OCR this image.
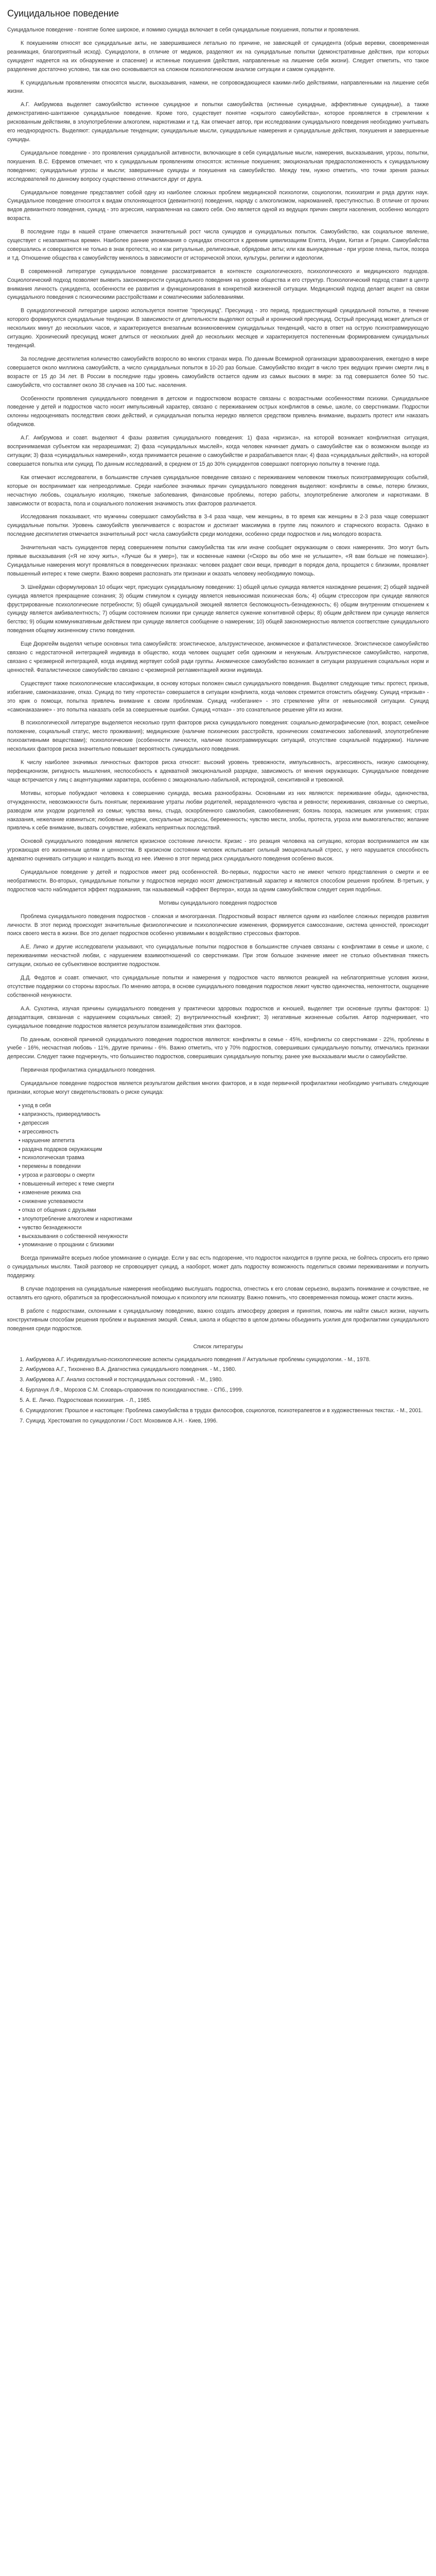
Суицидальное поведение

Суицидальное поведение - понятие более широкое, и помимо суицида включает в себя суицидальные покушения, попытки и проявления.

К покушениям относят все суицидальные акты, не завершившиеся летально по причине, не зависящей от суицидента (обрыв веревки, своевременная реанимация, благоприятный исход). Суицидологи, в отличие от медиков, разделяют их на суицидальные попытки (демонстративные действия, при которых суицидент надеется на их обнаружение и спасение) и истинные покушения (действия, направленные на лишение себя жизни). Следует отметить, что такое разделение достаточно условно, так как оно основывается на сложном психологическом анализе ситуации и самом суициденте.

К суицидальным проявлениям относятся мысли, высказывания, намеки, не сопровождающиеся какими-либо действиями, направленными на лишение себя жизни.

А.Г. Амбрумова выделяет самоубийство истинное суицидное и попытки самоубийства (истинные суицидные, аффективные суицидные), а также демонстративно-шантажное суицидальное поведение. Кроме того, существует понятие «скрытого самоубийства», которое проявляется в стремлении к рискованным действиям, в злоупотреблении алкоголем, наркотиками и т.д. Как отмечает автор, при исследовании суицидального поведения необходимо учитывать его неоднородность. Выделяют: суицидальные тенденции; суицидальные мысли, суицидальные намерения и суицидальные действия, покушения и завершенные суициды.

Суицидальное поведение - это проявления суицидальной активности, включающие в себя суицидальные мысли, намерения, высказывания, угрозы, попытки, покушения. В.С. Ефремов отмечает, что к суицидальным проявлениям относятся: истинные покушения; эмоциональная предрасположенность к суицидальному поведению; суицидальные угрозы и мысли; завершенные суициды и покушения на самоубийство. Между тем, нужно отметить, что точки зрения разных исследователей по данному вопросу существенно отличаются друг от друга.

Суицидальное поведение представляет собой одну из наиболее сложных проблем медицинской психологии, социологии, психиатрии и ряда других наук. Суицидальное поведение относится к видам отклоняющегося (девиантного) поведения, наряду с алкоголизмом, наркоманией, преступностью. В отличие от прочих видов девиантного поведения, суицид - это агрессия, направленная на самого себя. Оно является одной из ведущих причин смерти населения, особенно молодого возраста.

В последние годы в нашей стране отмечается значительный рост числа суицидов и суицидальных попыток. Самоубийство, как социальное явление, существует с незапамятных времен. Наиболее ранние упоминания о суицидах относятся к древним цивилизациям Египта, Индии, Китая и Греции. Самоубийства совершались и совершаются не только в знак протеста, но и как ритуальные, религиозные, обрядовые акты; или как вынужденные - при угрозе плена, пыток, позора и т.д. Отношение общества к самоубийству менялось в зависимости от исторической эпохи, культуры, религии и идеологии.

В современной литературе суицидальное поведение рассматривается в контексте социологического, психологического и медицинского подходов. Социологический подход позволяет выявить закономерности суицидального поведения на уровне общества и его структур. Психологический подход ставит в центр внимания личность суицидента, особенности ее развития и функционирования в конкретной жизненной ситуации. Медицинский подход делает акцент на связи суицидального поведения с психическими расстройствами и соматическими заболеваниями.

В суицидологической литературе широко используется понятие "пресуицид". Пресуицид - это период, предшествующий суицидальной попытке, в течение которого формируются суицидальные тенденции. В зависимости от длительности выделяют острый и хронический пресуицид. Острый пресуицид может длиться от нескольких минут до нескольких часов, и характеризуется внезапным возникновением суицидальных тенденций, часто в ответ на острую психотравмирующую ситуацию. Хронический пресуицид может длиться от нескольких дней до нескольких месяцев и характеризуется постепенным формированием суицидальных тенденций.

За последние десятилетия количество самоубийств возросло во многих странах мира. По данным Всемирной организации здравоохранения, ежегодно в мире совершается около миллиона самоубийств, а число суицидальных попыток в 10-20 раз больше. Самоубийство входит в число трех ведущих причин смерти лиц в возрасте от 15 до 34 лет. В России в последние годы уровень самоубийств остается одним из самых высоких в мире: за год совершается более 50 тыс. самоубийств, что составляет около 38 случаев на 100 тыс. населения.

Особенности проявления суицидального поведения в детском и подростковом возрасте связаны с возрастными особенностями психики. Суицидальное поведение у детей и подростков часто носит импульсивный характер, связано с переживанием острых конфликтов в семье, школе, со сверстниками. Подростки склонны недооценивать последствия своих действий, и суицидальная попытка нередко является средством привлечь внимание, выразить протест или наказать обидчиков.

А.Г. Амбрумова и соавт. выделяют 4 фазы развития суицидального поведения: 1) фаза «кризиса», на которой возникает конфликтная ситуация, воспринимаемая субъектом как неразрешимая; 2) фаза «суицидальных мыслей», когда человек начинает думать о самоубийстве как о возможном выходе из ситуации; 3) фаза «суицидальных намерений», когда принимается решение о самоубийстве и разрабатывается план; 4) фаза «суицидальных действий», на которой совершается попытка или суицид. По данным исследований, в среднем от 15 до 30% суицидентов совершают повторную попытку в течение года.

Как отмечают исследователи, в большинстве случаев суицидальное поведение связано с переживанием человеком тяжелых психотравмирующих событий, которые он воспринимает как непреодолимые. Среди наиболее значимых причин суицидального поведения выделяют: конфликты в семье, потерю близких, несчастную любовь, социальную изоляцию, тяжелые заболевания, финансовые проблемы, потерю работы, злоупотребление алкоголем и наркотиками. В зависимости от возраста, пола и социального положения значимость этих факторов различается.

Исследования показывают, что мужчины совершают самоубийства в 3-4 раза чаще, чем женщины, в то время как женщины в 2-3 раза чаще совершают суицидальные попытки. Уровень самоубийств увеличивается с возрастом и достигает максимума в группе лиц пожилого и старческого возраста. Однако в последние десятилетия отмечается значительный рост числа самоубийств среди молодежи, особенно среди подростков и лиц молодого возраста.

Значительная часть суицидентов перед совершением попытки самоубийства так или иначе сообщает окружающим о своих намерениях. Это могут быть прямые высказывания («Я не хочу жить», «Лучше бы я умер»), так и косвенные намеки («Скоро вы обо мне не услышите», «Я вам больше не помешаю»). Суицидальные намерения могут проявляться в поведенческих признаках: человек раздает свои вещи, приводит в порядок дела, прощается с близкими, проявляет повышенный интерес к теме смерти. Важно вовремя распознать эти признаки и оказать человеку необходимую помощь.

Э. Шнейдман сформулировал 10 общих черт, присущих суицидальному поведению: 1) общей целью суицида является нахождение решения; 2) общей задачей суицида является прекращение сознания; 3) общим стимулом к суициду является невыносимая психическая боль; 4) общим стрессором при суициде являются фрустрированные психологические потребности; 5) общей суицидальной эмоцией является беспомощность-безнадежность; 6) общим внутренним отношением к суициду является амбивалентность; 7) общим состоянием психики при суициде является сужение когнитивной сферы; 8) общим действием при суициде является бегство; 9) общим коммуникативным действием при суициде является сообщение о намерении; 10) общей закономерностью является соответствие суицидального поведения общему жизненному стилю поведения.

Еще Дюркгейм выделял четыре основных типа самоубийств: эгоистическое, альтруистическое, аномическое и фаталистическое. Эгоистическое самоубийство связано с недостаточной интеграцией индивида в общество, когда человек ощущает себя одиноким и ненужным. Альтруистическое самоубийство, напротив, связано с чрезмерной интеграцией, когда индивид жертвует собой ради группы. Аномическое самоубийство возникает в ситуации разрушения социальных норм и ценностей. Фаталистическое самоубийство связано с чрезмерной регламентацией жизни индивида.

Существуют также психологические классификации, в основу которых положен смысл суицидального поведения. Выделяют следующие типы: протест, призыв, избегание, самонаказание, отказ. Суицид по типу «протеста» совершается в ситуации конфликта, когда человек стремится отомстить обидчику. Суицид «призыв» - это крик о помощи, попытка привлечь внимание к своим проблемам. Суицид «избегание» - это стремление уйти от невыносимой ситуации. Суицид «самонаказание» - это попытка наказать себя за совершенные ошибки. Суицид «отказ» - это сознательное решение уйти из жизни.

В психологической литературе выделяется несколько групп факторов риска суицидального поведения: социально-демографические (пол, возраст, семейное положение, социальный статус, место проживания); медицинские (наличие психических расстройств, хронических соматических заболеваний, злоупотребление психоактивными веществами); психологические (особенности личности, наличие психотравмирующих ситуаций, отсутствие социальной поддержки). Наличие нескольких факторов риска значительно повышает вероятность суицидального поведения.

К числу наиболее значимых личностных факторов риска относят: высокий уровень тревожности, импульсивность, агрессивность, низкую самооценку, перфекционизм, ригидность мышления, неспособность к адекватной эмоциональной разрядке, зависимость от мнения окружающих. Суицидальное поведение чаще встречается у лиц с акцентуациями характера, особенно с эмоционально-лабильной, истероидной, сенситивной и тревожной.

Мотивы, которые побуждают человека к совершению суицида, весьма разнообразны. Основными из них являются: переживание обиды, одиночества, отчужденности, невозможности быть понятым; переживание утраты любви родителей, неразделенного чувства и ревности; переживания, связанные со смертью, разводом или уходом родителей из семьи; чувства вины, стыда, оскорбленного самолюбия, самообвинения; боязнь позора, насмешек или унижения; страх наказания, нежелание извиниться; любовные неудачи, сексуальные эксцессы, беременность; чувство мести, злобы, протеста, угроза или вымогательство; желание привлечь к себе внимание, вызвать сочувствие, избежать неприятных последствий.

Основой суицидального поведения является кризисное состояние личности. Кризис - это реакция человека на ситуацию, которая воспринимается им как угрожающая его жизненным целям и ценностям. В кризисном состоянии человек испытывает сильный эмоциональный стресс, у него нарушается способность адекватно оценивать ситуацию и находить выход из нее. Именно в этот период риск суицидального поведения особенно высок.

Суицидальное поведение у детей и подростков имеет ряд особенностей. Во-первых, подростки часто не имеют четкого представления о смерти и ее необратимости. Во-вторых, суицидальные попытки у подростков нередко носят демонстративный характер и являются способом решения проблем. В-третьих, у подростков часто наблюдается эффект подражания, так называемый «эффект Вертера», когда за одним самоубийством следует серия подобных.

Мотивы суицидального поведения подростков

Проблема суицидального поведения подростков - сложная и многогранная. Подростковый возраст является одним из наиболее сложных периодов развития личности. В этот период происходят значительные физиологические и психологические изменения, формируется самосознание, система ценностей, происходит поиск своего места в жизни. Все это делает подростков особенно уязвимыми к воздействию стрессовых факторов.

А.Е. Личко и другие исследователи указывают, что суицидальные попытки подростков в большинстве случаев связаны с конфликтами в семье и школе, с переживаниями несчастной любви, с нарушением взаимоотношений со сверстниками. При этом большое значение имеет не столько объективная тяжесть ситуации, сколько ее субъективное восприятие подростком.

Д.Д. Федотов и соавт. отмечают, что суицидальные попытки и намерения у подростков часто являются реакцией на неблагоприятные условия жизни, отсутствие поддержки со стороны взрослых. По мнению автора, в основе суицидального поведения подростков лежит чувство одиночества, непонятости, ощущение собственной ненужности.

А.А. Сухотина, изучая причины суицидального поведения у практически здоровых подростков и юношей, выделяет три основные группы факторов: 1) дезадаптация, связанная с нарушением социальных связей; 2) внутриличностный конфликт; 3) негативные жизненные события. Автор подчеркивает, что суицидальное поведение подростков является результатом взаимодействия этих факторов.

По данным, основной причиной суицидального поведения подростков являются: конфликты в семье - 45%, конфликты со сверстниками - 22%, проблемы в учебе - 16%, несчастная любовь - 11%, другие причины - 6%. Важно отметить, что у 70% подростков, совершивших суицидальную попытку, отмечались признаки депрессии. Следует также подчеркнуть, что большинство подростков, совершивших суицидальную попытку, ранее уже высказывали мысли о самоубийстве.

Первичная профилактика суицидального поведения.

Суицидальное поведение подростков является результатом действия многих факторов, и в ходе первичной профилактики необходимо учитывать следующие признаки, которые могут свидетельствовать о риске суицида:

• уход в себя
• капризность, привередливость
• депрессия
• агрессивность
• нарушение аппетита
• раздача подарков окружающим
• психологическая травма
• перемены в поведении
• угроза и разговоры о смерти
• повышенный интерес к теме смерти
• изменение режима сна
• снижение успеваемости
• отказ от общения с друзьями
• злоупотребление алкоголем и наркотиками
• чувство безнадежности
• высказывания о собственной ненужности
• упоминание о прощании с близкими

Всегда принимайте всерьез любое упоминание о суициде. Если у вас есть подозрение, что подросток находится в группе риска, не бойтесь спросить его прямо о суицидальных мыслях. Такой разговор не спровоцирует суицид, а наоборот, может дать подростку возможность поделиться своими переживаниями и получить поддержку.

В случае подозрения на суицидальные намерения необходимо выслушать подростка, отнестись к его словам серьезно, выразить понимание и сочувствие, не оставлять его одного, обратиться за профессиональной помощью к психологу или психиатру. Важно помнить, что своевременная помощь может спасти жизнь.

В работе с подростками, склонными к суицидальному поведению, важно создать атмосферу доверия и принятия, помочь им найти смысл жизни, научить конструктивным способам решения проблем и выражения эмоций. Семья, школа и общество в целом должны объединить усилия для профилактики суицидального поведения среди подростков.

Список литературы

1. Амбрумова А.Г. Индивидуально-психологические аспекты суицидального поведения // Актуальные проблемы суицидологии. - М., 1978.
2. Амбрумова А.Г., Тихоненко В.А. Диагностика суицидального поведения. - М., 1980.
3. Амбрумова А.Г. Анализ состояний и постсуицидальных состояний. - М., 1980.
4. Бурлачук Л.Ф., Морозов С.М. Словарь-справочник по психодиагностике. - СПб., 1999.
5. А. Е. Личко. Подростковая психиатрия. - Л., 1985.
6. Суицидология: Прошлое и настоящее: Проблема самоубийства в трудах философов, социологов, психотерапевтов и в художественных текстах. - М., 2001.
7. Суицид. Хрестоматия по суицидологии / Сост. Моховиков А.Н. - Киев, 1996.
